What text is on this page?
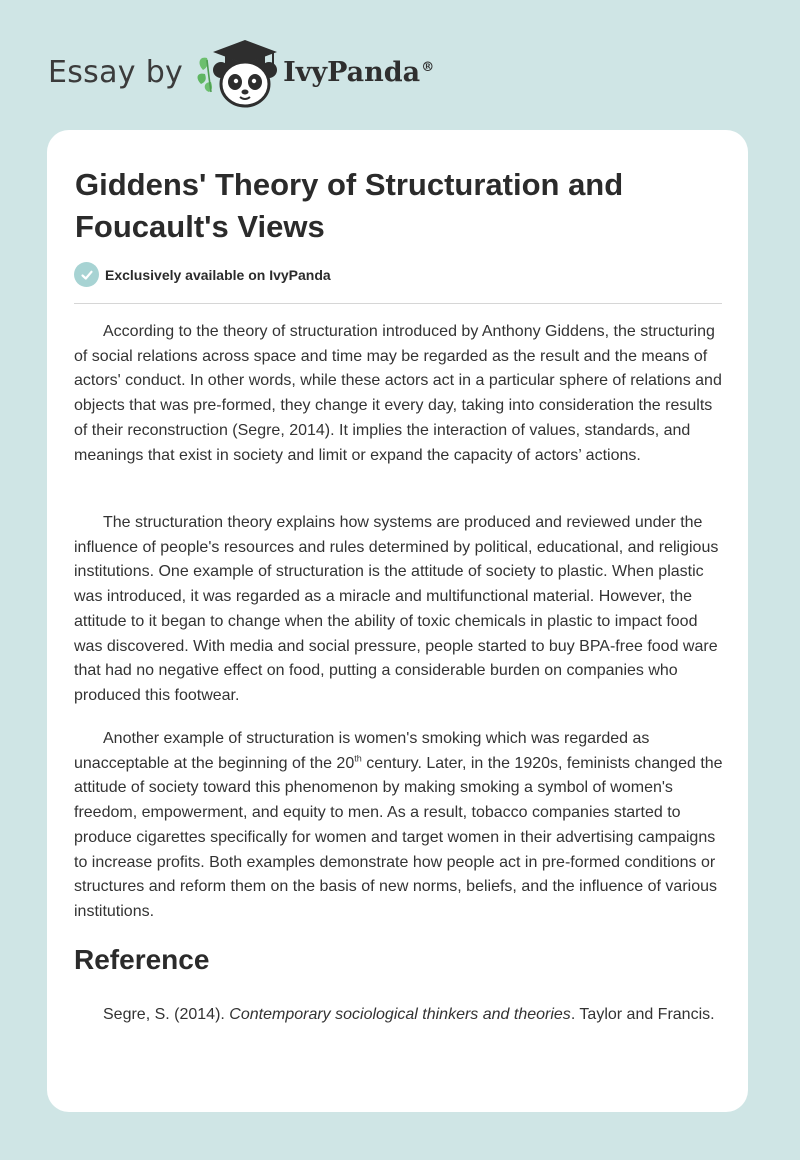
Essay by	IvyPanda®
Giddens' Theory of Structuration and Foucault's Views
Exclusively available on IvyPanda

According to the theory of structuration introduced by Anthony Giddens, the structuring of social relations across space and time may be regarded as the result and the means of actors' conduct. In other words, while these actors act in a particular sphere of relations and objects that was pre-formed, they change it every day, taking into consideration the results of their reconstruction (Segre, 2014). It implies the interaction of values, standards, and meanings that exist in society and limit or expand the capacity of actors’ actions.

The structuration theory explains how systems are produced and reviewed under the influence of people's resources and rules determined by political, educational, and religious institutions. One example of structuration is the attitude of society to plastic. When plastic was introduced, it was regarded as a miracle and multifunctional material. However, the attitude to it began to change when the ability of toxic chemicals in plastic to impact food was discovered. With media and social pressure, people started to buy BPA-free food ware that had no negative effect on food, putting a considerable burden on companies who produced this footwear.

Another example of structuration is women's smoking which was regarded as unacceptable at the beginning of the 20th century. Later, in the 1920s, feminists changed the attitude of society toward this phenomenon by making smoking a symbol of women's freedom, empowerment, and equity to men. As a result, tobacco companies started to produce cigarettes specifically for women and target women in their advertising campaigns to increase profits. Both examples demonstrate how people act in pre-formed conditions or structures and reform them on the basis of new norms, beliefs, and the influence of various institutions.

Reference

Segre, S. (2014). Contemporary sociological thinkers and theories. Taylor and Francis.
